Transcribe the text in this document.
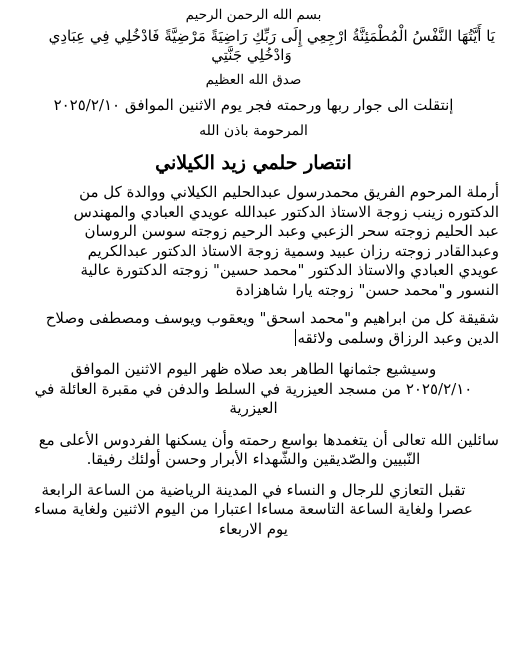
بسم الله الرحمن الرحيم
يَا أَيَّتُهَا النَّفْسُ الْمُطْمَئِنَّةُ ارْجِعِي إِلَى رَبِّكِ رَاضِيَةً مَرْضِيَّةً فَادْخُلِي فِي عِبَادِي
وَادْخُلِي جَنَّتِي
صدق الله العظيم
إنتقلت الى جوار ربها ورحمته فجر يوم الاثنين الموافق ٢٠٢٥/٢/١٠
المرحومة باذن الله
انتصار حلمي زيد الكيلاني
أرملة المرحوم الفريق محمدرسول عبدالحليم الكيلاني ووالدة كل من
الدكتوره زينب زوجة الاستاذ الدكتور عبدالله عويدي العبادي والمهندس
عبد الحليم زوجته سحر الزعبي وعبد الرحيم زوجته سوسن الروسان
وعبدالقادر زوجته رزان عبيد وسمية زوجة الاستاذ الدكتور عبدالكريم
عويدي العبادي والاستاذ الدكتور "محمد حسين" زوجته الدكتورة عالية
النسور و"محمد حسن" زوجته يارا شاهزادة
شقيقة كل من ابراهيم و"محمد اسحق" ويعقوب ويوسف ومصطفى وصلاح
الدين وعبد الرزاق وسلمى ولائقه
وسيشيع جثمانها الطاهر بعد صلاه ظهر اليوم الاثنين الموافق
٢٠٢٥/٢/١٠ من مسجد العيزرية في السلط والدفن في مقبرة العائلة في
العيزرية
سائلين الله تعالى أن يتغمدها بواسع رحمته وأن يسكنها الفردوس الأعلى مع
النّبيين والصّديقين والشّهداء الأبرار وحسن أولئك رفيقا.
تقبل التعازي للرجال و النساء في المدينة الرياضية من الساعة الرابعة
عصرا ولغاية الساعة التاسعة مساءا اعتبارا من اليوم الاثنين ولغاية مساء
يوم الاربعاء
